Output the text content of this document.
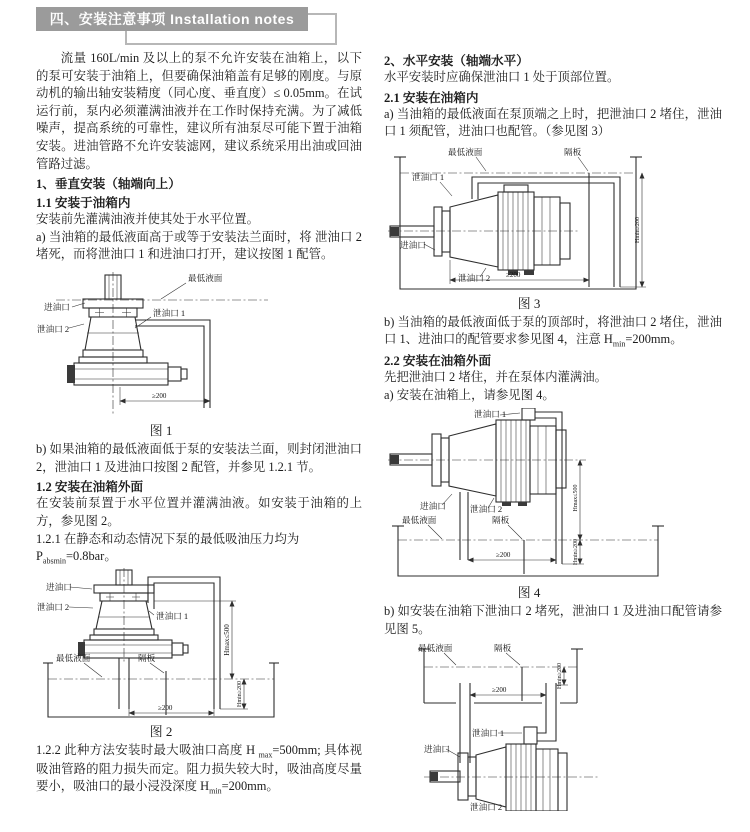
四、安装注意事项 Installation notes

流量 160L/min 及以上的泵不允许安装在油箱上，以下的泵可安装于油箱上，但要确保油箱盖有足够的刚度。与原动机的输出轴安装精度（同心度、垂直度）≤ 0.05mm。在试运行前，泵内必须灌满油液并在工作时保持充满。为了减低噪声，提高系统的可靠性，建议所有油泵尽可能下置于油箱安装。进油管路不允许安装滤网，建议系统采用出油或回油管路过滤。

1、垂直安装（轴端向上）
1.1 安装于油箱内

安装前先灌满油液并使其处于水平位置。

a) 当油箱的最低液面高于或等于安装法兰面时，将 泄油口 2 堵死，而将泄油口 1 和进油口打开，建议按图 1 配管。

最低液面
泄油口 1
进油口
泄油口 2
≥200
图 1

b) 如果油箱的最低液面低于泵的安装法兰面，则封闭泄油口 2，泄油口 1 及进油口按图 2 配管，并参见 1.2.1 节。

1.2 安装在油箱外面

在安装前泵置于水平位置并灌满油液。如安装于油箱的上方，参见图 2。

1.2.1 在静态和动态情况下泵的最低吸油压力均为

$P_{absmin}=0.8bar$。

进油口
泄油口 2
泄油口 1
最低液面	隔板
Hmax≤500
Hmin≥200
≥200
图 2

1.2.2 此种方法安装时最大吸油口高度 H $_{max}$=500mm; 具体视吸油管路的阻力损失而定。阻力损失较大时，吸油高度尽量要小，吸油口的最小浸没深度 $H_{min}=200mm$。

2、水平安装（轴端水平）

水平安装时应确保泄油口 1 处于顶部位置。

2.1 安装在油箱内

a) 当油箱的最低液面在泵顶端之上时，把泄油口 2 堵住，泄油口 1 须配管，进油口也配管。（参见图 3）

最低液面	隔板
泄油口 1
进油口
泄油口 2 ≥200
Hmin≥200
图 3

b) 当油箱的最低液面低于泵的顶部时，将泄油口 2 堵住，泄油口 1、进油口的配管要求参见图 4，注意 $H_{min}=200mm$。

2.2 安装在油箱外面

先把泄油口 2 堵住，并在泵体内灌满油。

a) 安装在油箱上，请参见图 4。

泄油口 1
进油口	泄油口 2
最低液面	隔板
Hmax≤500
Hmin≥200
≥200
图 4

b) 如安装在油箱下泄油口 2 堵死，泄油口 1 及进油口配管请参见图 5。

最低液面	隔板
≥200
Hmin≥200
泄油口 1
进油口
泄油口 2
